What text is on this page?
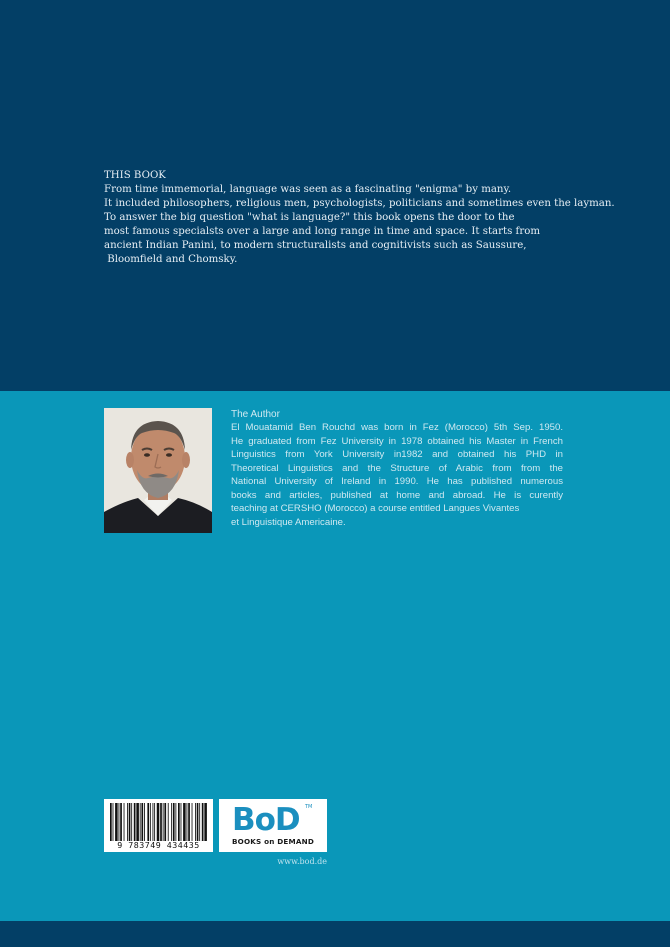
THIS BOOK
From time immemorial, language was seen as a fascinating "enigma" by many.
It included philosophers, religious men, psychologists, politicians and sometimes even the layman.
To answer the big question "what is language?" this book opens the door to the
most famous specialsts over a large and long range in time and space. It starts from
ancient Indian Panini, to modern structuralists and cognitivists such as Saussure,
Bloomfield and Chomsky.
The Author
El Mouatamid Ben Rouchd was born in Fez (Morocco) 5th Sep. 1950.
He graduated from Fez University in 1978 obtained his Master in French
Linguistics from York University in1982 and obtained his PHD in
Theoretical Linguistics and the Structure of Arabic from from the
National University of Ireland in 1990. He has published numerous
books and articles, published at home and abroad. He is curently
teaching at CERSHO (Morocco) a course entitled Langues Vivantes
et Linguistique Americaine.
9 783749 434435
BoD TM
BOOKS on DEMAND
www.bod.de
